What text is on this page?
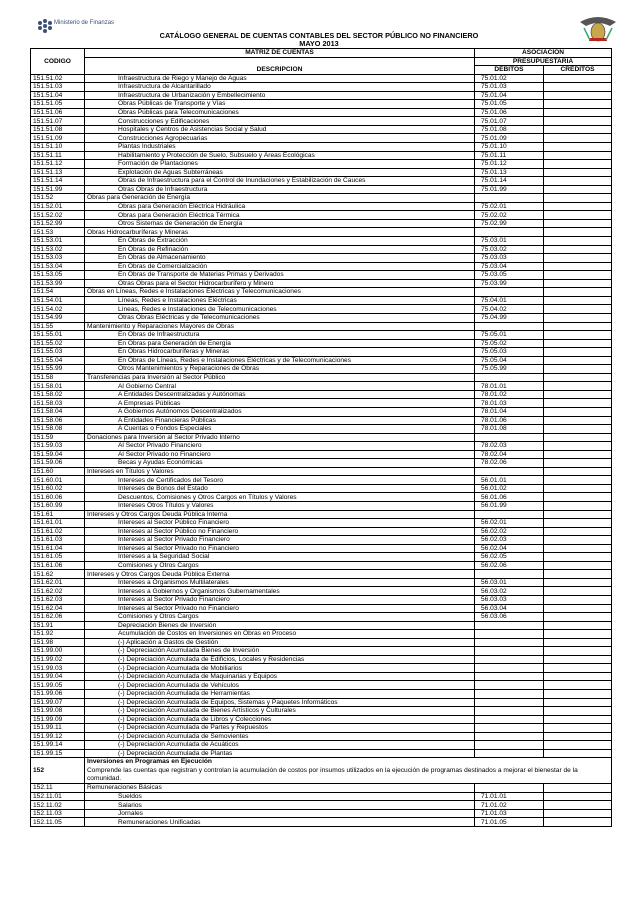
Ministerio de Finanzas
CATÁLOGO GENERAL DE CUENTAS CONTABLES DEL SECTOR PÚBLICO NO FINANCIERO
MAYO 2013
CODIGO	MATRIZ DE CUENTAS	ASOCIACION	
	DESCRIPCION	PRESUPUESTARIA	
		DÉBITOS	CRÉDITOS
151.51.02	Infraestructura de Riego y Manejo de Aguas	75.01.02	
151.51.03	Infraestructura de Alcantarillado	75.01.03	
151.51.04	Infraestructura de Urbanización y Embellecimiento	75.01.04	
151.51.05	Obras Públicas de Transporte y Vías	75.01.05	
151.51.06	Obras Públicas para Telecomunicaciones	75.01.06	
151.51.07	Construcciones y Edificaciones	75.01.07	
151.51.08	Hospitales y Centros de Asistencias Social y Salud	75.01.08	
151.51.09	Construcciones Agropecuarias	75.01.09	
151.51.10	Plantas Industriales	75.01.10	
151.51.11	Habilitamiento y Protección de Suelo, Subsuelo y Áreas Ecológicas	75.01.11	
151.51.12	Formación de Plantaciones	75.01.12	
151.51.13	Explotación de Aguas Subterráneas	75.01.13	
151.51.14	Obras de Infraestructura para el Control de Inundaciones y Estabilización de Cauces	75.01.14	
151.51.99	Otras Obras de Infraestructura	75.01.99	
151.52	Obras para Generación de Energía		
151.52.01	Obras para Generación Eléctrica Hidráulica	75.02.01	
151.52.02	Obras para Generación Eléctrica Térmica	75.02.02	
151.52.99	Otros Sistemas de Generación de Energía	75.02.99	
151.53	Obras Hidrocarburíferas y Mineras		
151.53.01	En Obras de Extracción	75.03.01	
151.53.02	En Obras de Refinación	75.03.02	
151.53.03	En Obras de Almacenamiento	75.03.03	
151.53.04	En Obras de Comercialización	75.03.04	
151.53.05	En Obras de Transporte de Materias Primas y Derivados	75.03.05	
151.53.99	Otras Obras para el Sector Hidrocarburífero y Minero	75.03.99	
151.54	Obras en Líneas, Redes e Instalaciones Eléctricas y Telecomunicaciones		
151.54.01	Líneas, Redes e Instalaciones Eléctricas	75.04.01	
151.54.02	Líneas, Redes e Instalaciones de Telecomunicaciones	75.04.02	
151.54.99	Otras Obras Eléctricas y de Telecomunicaciones	75.04.99	
151.55	Mantenimiento y Reparaciones Mayores de Obras		
151.55.01	En Obras de Infraestructura	75.05.01	
151.55.02	En Obras para Generación de Energía	75.05.02	
151.55.03	En Obras Hidrocarburíferas y Mineras	75.05.03	
151.55.04	En Obras de Líneas, Redes e Instalaciones Eléctricas y de Telecomunicaciones	75.05.04	
151.55.99	Otros Mantenimientos y Reparaciones de Obras	75.05.99	
151.58	Transferencias para Inversión al Sector Público		
151.58.01	Al Gobierno Central	78.01.01	
151.58.02	A Entidades Descentralizadas y Autónomas	78.01.02	
151.58.03	A Empresas Públicas	78.01.03	
151.58.04	A Gobiernos Autónomos Descentralizados	78.01.04	
151.58.06	A Entidades Financieras Públicas	78.01.06	
151.58.08	A Cuentas o Fondos Especiales	78.01.08	
151.59	Donaciones para Inversión al Sector Privado Interno		
151.59.03	Al Sector Privado Financiero	78.02.03	
151.59.04	Al Sector Privado no Financiero	78.02.04	
151.59.06	Becas y Ayudas Económicas	78.02.06	
151.60	Intereses en Títulos y Valores		
151.60.01	Intereses de Certificados del Tesoro	56.01.01	
151.60.02	Intereses de Bonos del Estado	56.01.02	
151.60.06	Descuentos, Comisiones y Otros Cargos en Títulos y Valores	56.01.06	
151.60.99	Intereses Otros Títulos y Valores	56.01.99	
151.61	Intereses y Otros Cargos Deuda Pública Interna		
151.61.01	Intereses al Sector Público Financiero	56.02.01	
151.61.02	Intereses al Sector Público no Financiero	56.02.02	
151.61.03	Intereses al Sector Privado Financiero	56.02.03	
151.61.04	Intereses al Sector Privado no Financiero	56.02.04	
151.61.05	Intereses a la Seguridad Social	56.02.05	
151.61.06	Comisiones y Otros Cargos	56.02.06	
151.62	Intereses y Otros Cargos Deuda Pública Externa		
151.62.01	Intereses a Organismos Multilaterales	56.03.01	
151.62.02	Intereses a Gobiernos y Organismos Gubernamentales	56.03.02	
151.62.03	Intereses al Sector Privado Financiero	56.03.03	
151.62.04	Intereses al Sector Privado no Financiero	56.03.04	
151.62.06	Comisiones y Otros Cargos	56.03.06	
151.91	Depreciación Bienes de Inversión		
151.92	Acumulación de Costos en Inversiones en Obras en Proceso		
151.98	(-) Aplicación a Gastos de Gestión		
151.99.00	(-) Depreciación Acumulada Bienes de Inversión		
151.99.02	(-) Depreciación Acumulada de Edificios, Locales y Residencias		
151.99.03	(-) Depreciación Acumulada de Mobiliarios		
151.99.04	(-) Depreciación Acumulada de Maquinarias y Equipos		
151.99.05	(-) Depreciación Acumulada de Vehículos		
151.99.06	(-) Depreciación Acumulada de Herramientas		
151.99.07	(-) Depreciación Acumulada de Equipos, Sistemas y Paquetes Informáticos		
151.99.08	(-) Depreciación Acumulada de Bienes Artísticos y Culturales		
151.99.09	(-) Depreciación Acumulada de Libros y Colecciones		
151.99.11	(-) Depreciación Acumulada de Partes y Repuestos		
151.99.12	(-) Depreciación Acumulada de Semovientes		
151.99.14	(-) Depreciación Acumulada de Acuáticos		
151.99.15	(-) Depreciación Acumulada de Plantas		
152	Inversiones en Programas en Ejecución
Comprende las cuentas que registran y controlan la acumulación de costos por insumos utilizados en la ejecución de programas destinados a mejorar el bienestar de la comunidad.		
152.11	Remuneraciones Básicas		
152.11.01	Sueldos	71.01.01	
152.11.02	Salarios	71.01.02	
152.11.03	Jornales	71.01.03	
152.11.05	Remuneraciones Unificadas	71.01.05	
